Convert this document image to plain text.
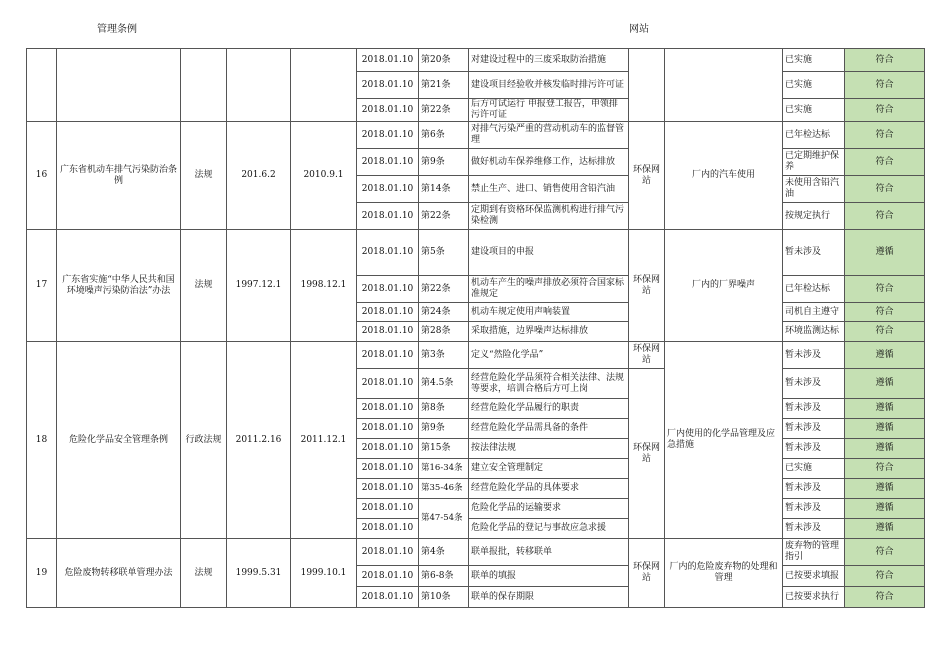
管理条例	网站
					2018.01.10	第20条	对建设过程中的三废采取防治措施			已实施	符合
					2018.01.10	第21条	建设项目经验收并核发临时排污许可证			已实施	符合
					2018.01.10	第22条	后方可试运行 申报登工报告，申领排污许可证			已实施	符合
16	广东省机动车排气污染防治条例	法规	201.6.2	2010.9.1	2018.01.10	第6条	对排气污染严重的营动机动车的监督管理	环保网站	厂内的汽车使用	已年检达标	符合
					2018.01.10	第9条	做好机动车保养维修工作，达标排放			已定期维护保养	符合
					2018.01.10	第14条	禁止生产、进口、销售使用含铅汽油			未使用含铅汽油	符合
					2018.01.10	第22条	定期到有资格环保监测机构进行排气污染检测			按规定执行	符合
17	广东省实施“中华人民共和国环境噪声污染防治法”办法	法规	1997.12.1	1998.12.1	2018.01.10	第5条	建设项目的申报	环保网站	厂内的厂界噪声	暂未涉及	遵循
					2018.01.10	第22条	机动车产生的噪声排放必须符合国家标准规定			已年检达标	符合
					2018.01.10	第24条	机动车规定使用声响装置			司机自主遵守	符合
					2018.01.10	第28条	采取措施，边界噪声达标排放			环境监测达标	符合
18	危险化学品安全管理条例	行政法规	2011.2.16	2011.12.1	2018.01.10	第3条	定义“然险化学品”	环保网站	厂内使用的化学品管理及应急措施	暂未涉及	遵循
					2018.01.10	第4.5条	经营危险化学品须符合相关法律、法规等要求，培训合格后方可上岗	环保网站		暂未涉及	遵循
					2018.01.10	第8条	经营危险化学品履行的职责			暂未涉及	遵循
					2018.01.10	第9条	经营危险化学品需具备的条件			暂未涉及	遵循
					2018.01.10	第15条	按法律法规			暂未涉及	遵循
					2018.01.10	第16-34条	建立安全管理制定			已实施	符合
					2018.01.10	第35-46条	经营危险化学品的具体要求			暂未涉及	遵循
					2018.01.10	第47-54条	危险化学品的运输要求			暂未涉及	遵循
					2018.01.10		危险化学品的登记与事故应急求援			暂未涉及	遵循
19	危险废物转移联单管理办法	法规	1999.5.31	1999.10.1	2018.01.10	第4条	联单报批，转移联单	环保网站	厂内的危险废弃物的处理和管理	废弃物的管理指引	符合
					2018.01.10	第6-8条	联单的填报			已按要求填报	符合
					2018.01.10	第10条	联单的保存期限			已按要求执行	符合
